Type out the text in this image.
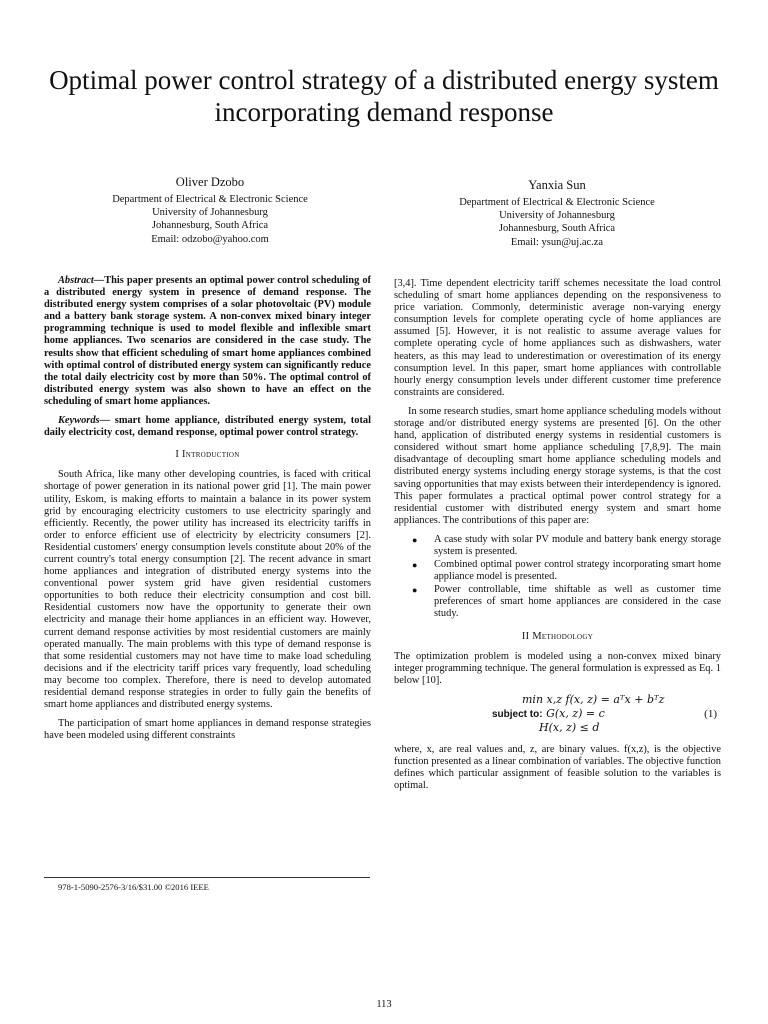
Optimal power control strategy of a distributed energy system incorporating demand response
Oliver Dzobo
Department of Electrical & Electronic Science
University of Johannesburg
Johannesburg, South Africa
Email: odzobo@yahoo.com
Yanxia Sun
Department of Electrical & Electronic Science
University of Johannesburg
Johannesburg, South Africa
Email: ysun@uj.ac.za

Abstract—This paper presents an optimal power control scheduling of a distributed energy system in presence of demand response. The distributed energy system comprises of a solar photovoltaic (PV) module and a battery bank storage system. A non-convex mixed binary integer programming technique is used to model flexible and inflexible smart home appliances. Two scenarios are considered in the case study. The results show that efficient scheduling of smart home appliances combined with optimal control of distributed energy system can significantly reduce the total daily electricity cost by more than 50%. The optimal control of distributed energy system was also shown to have an effect on the scheduling of smart home appliances.

Keywords— smart home appliance, distributed energy system, total daily electricity cost, demand response, optimal power control strategy.

I Introduction

South Africa, like many other developing countries, is faced with critical shortage of power generation in its national power grid [1]. The main power utility, Eskom, is making efforts to maintain a balance in its power system grid by encouraging electricity customers to use electricity sparingly and efficiently. Recently, the power utility has increased its electricity tariffs in order to enforce efficient use of electricity by electricity consumers [2]. Residential customers' energy consumption levels constitute about 20% of the current country's total energy consumption [2]. The recent advance in smart home appliances and integration of distributed energy systems into the conventional power system grid have given residential customers opportunities to both reduce their electricity consumption and cost bill. Residential customers now have the opportunity to generate their own electricity and manage their home appliances in an efficient way. However, current demand response activities by most residential customers are mainly operated manually. The main problems with this type of demand response is that some residential customers may not have time to make load scheduling decisions and if the electricity tariff prices vary frequently, load scheduling may become too complex. Therefore, there is need to develop automated residential demand response strategies in order to fully gain the benefits of smart home appliances and distributed energy systems.

The participation of smart home appliances in demand response strategies have been modeled using different constraints

[3,4]. Time dependent electricity tariff schemes necessitate the load control scheduling of smart home appliances depending on the responsiveness to price variation. Commonly, deterministic average non-varying energy consumption levels for complete operating cycle of home appliances are assumed [5]. However, it is not realistic to assume average values for complete operating cycle of home appliances such as dishwashers, water heaters, as this may lead to underestimation or overestimation of its energy consumption level. In this paper, smart home appliances with controllable hourly energy consumption levels under different customer time preference constraints are considered.

In some research studies, smart home appliance scheduling models without storage and/or distributed energy systems are presented [6]. On the other hand, application of distributed energy systems in residential customers is considered without smart home appliance scheduling [7,8,9]. The main disadvantage of decoupling smart home appliance scheduling models and distributed energy systems including energy storage systems, is that the cost saving opportunities that may exists between their interdependency is ignored. This paper formulates a practical optimal power control strategy for a residential customer with distributed energy system and smart home appliances. The contributions of this paper are:

● A case study with solar PV module and battery bank energy storage system is presented.
● Combined optimal power control strategy incorporating smart home appliance model is presented.
● Power controllable, time shiftable as well as customer time preferences of smart home appliances are considered in the case study.
II Methodology

The optimization problem is modeled using a non-convex mixed binary integer programming technique. The general formulation is expressed as Eq. 1 below [10].

min x,z f(x, z) = aᵀx + bᵀz
subject to: G(x, z) = c
H(x, z) ≤ d
(1)

where, x, are real values and, z, are binary values. f(x,z), is the objective function presented as a linear combination of variables. The objective function defines which particular assignment of feasible solution to the variables is optimal.

978-1-5090-2576-3/16/$31.00 ©2016 IEEE
113
